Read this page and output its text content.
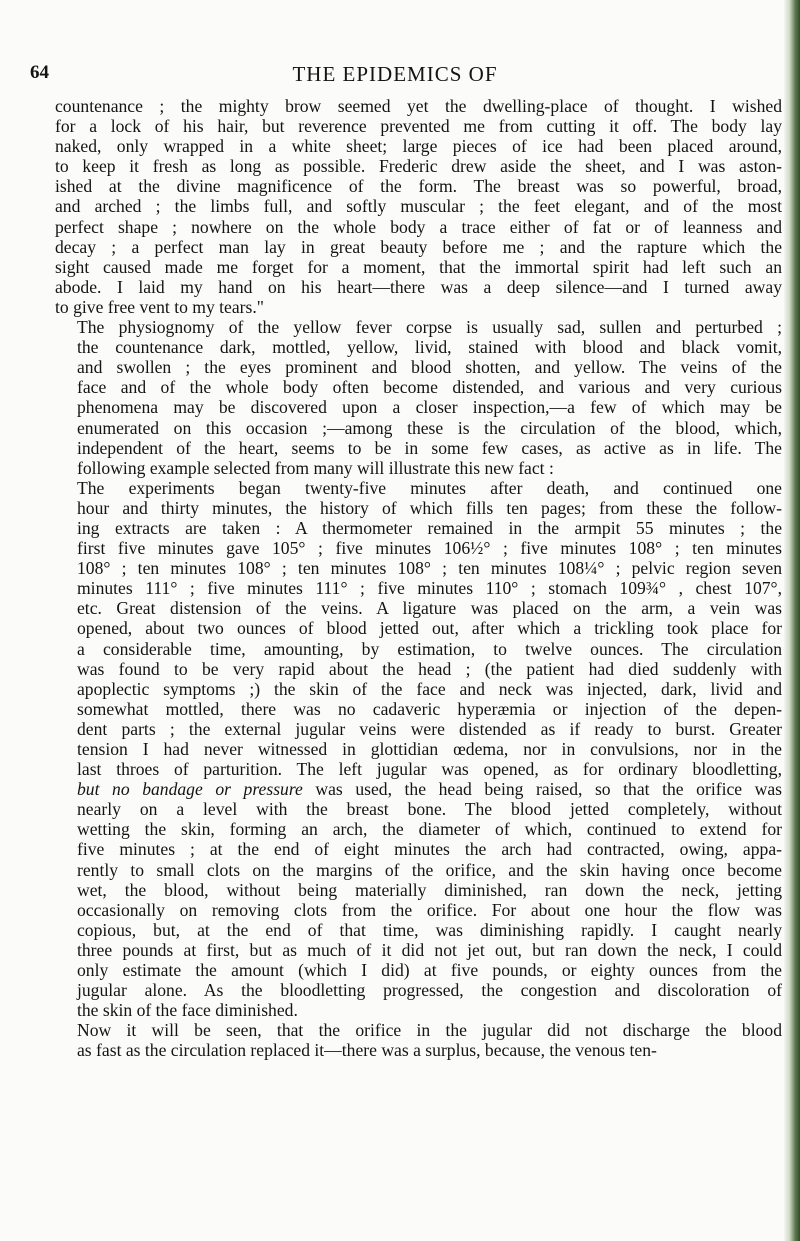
64	THE EPIDEMICS OF
countenance ; the mighty brow seemed yet the dwelling-place of thought. I wished
for a lock of his hair, but reverence prevented me from cutting it off. The body lay
naked, only wrapped in a white sheet; large pieces of ice had been placed around,
to keep it fresh as long as possible. Frederic drew aside the sheet, and I was aston-
ished at the divine magnificence of the form. The breast was so powerful, broad,
and arched ; the limbs full, and softly muscular ; the feet elegant, and of the most
perfect shape ; nowhere on the whole body a trace either of fat or of leanness and
decay ; a perfect man lay in great beauty before me ; and the rapture which the
sight caused made me forget for a moment, that the immortal spirit had left such an
abode. I laid my hand on his heart—there was a deep silence—and I turned away
to give free vent to my tears."
The physiognomy of the yellow fever corpse is usually sad, sullen and perturbed ;
the countenance dark, mottled, yellow, livid, stained with blood and black vomit,
and swollen ; the eyes prominent and blood shotten, and yellow. The veins of the
face and of the whole body often become distended, and various and very curious
phenomena may be discovered upon a closer inspection,—a few of which may be
enumerated on this occasion ;—among these is the circulation of the blood, which,
independent of the heart, seems to be in some few cases, as active as in life. The
following example selected from many will illustrate this new fact :
The experiments began twenty-five minutes after death, and continued one
hour and thirty minutes, the history of which fills ten pages; from these the follow-
ing extracts are taken : A thermometer remained in the armpit 55 minutes ; the
first five minutes gave 105° ; five minutes 106½° ; five minutes 108° ; ten minutes
108° ; ten minutes 108° ; ten minutes 108° ; ten minutes 108¼° ; pelvic region seven
minutes 111° ; five minutes 111° ; five minutes 110° ; stomach 109¾° , chest 107°,
etc. Great distension of the veins. A ligature was placed on the arm, a vein was
opened, about two ounces of blood jetted out, after which a trickling took place for
a considerable time, amounting, by estimation, to twelve ounces. The circulation
was found to be very rapid about the head ; (the patient had died suddenly with
apoplectic symptoms ;) the skin of the face and neck was injected, dark, livid and
somewhat mottled, there was no cadaveric hyperæmia or injection of the depen-
dent parts ; the external jugular veins were distended as if ready to burst. Greater
tension I had never witnessed in glottidian œdema, nor in convulsions, nor in the
last throes of parturition. The left jugular was opened, as for ordinary bloodletting,
but no bandage or pressure was used, the head being raised, so that the orifice was
nearly on a level with the breast bone. The blood jetted completely, without
wetting the skin, forming an arch, the diameter of which, continued to extend for
five minutes ; at the end of eight minutes the arch had contracted, owing, appa-
rently to small clots on the margins of the orifice, and the skin having once become
wet, the blood, without being materially diminished, ran down the neck, jetting
occasionally on removing clots from the orifice. For about one hour the flow was
copious, but, at the end of that time, was diminishing rapidly. I caught nearly
three pounds at first, but as much of it did not jet out, but ran down the neck, I could
only estimate the amount (which I did) at five pounds, or eighty ounces from the
jugular alone. As the bloodletting progressed, the congestion and discoloration of
the skin of the face diminished.
Now it will be seen, that the orifice in the jugular did not discharge the blood
as fast as the circulation replaced it—there was a surplus, because, the venous ten-
